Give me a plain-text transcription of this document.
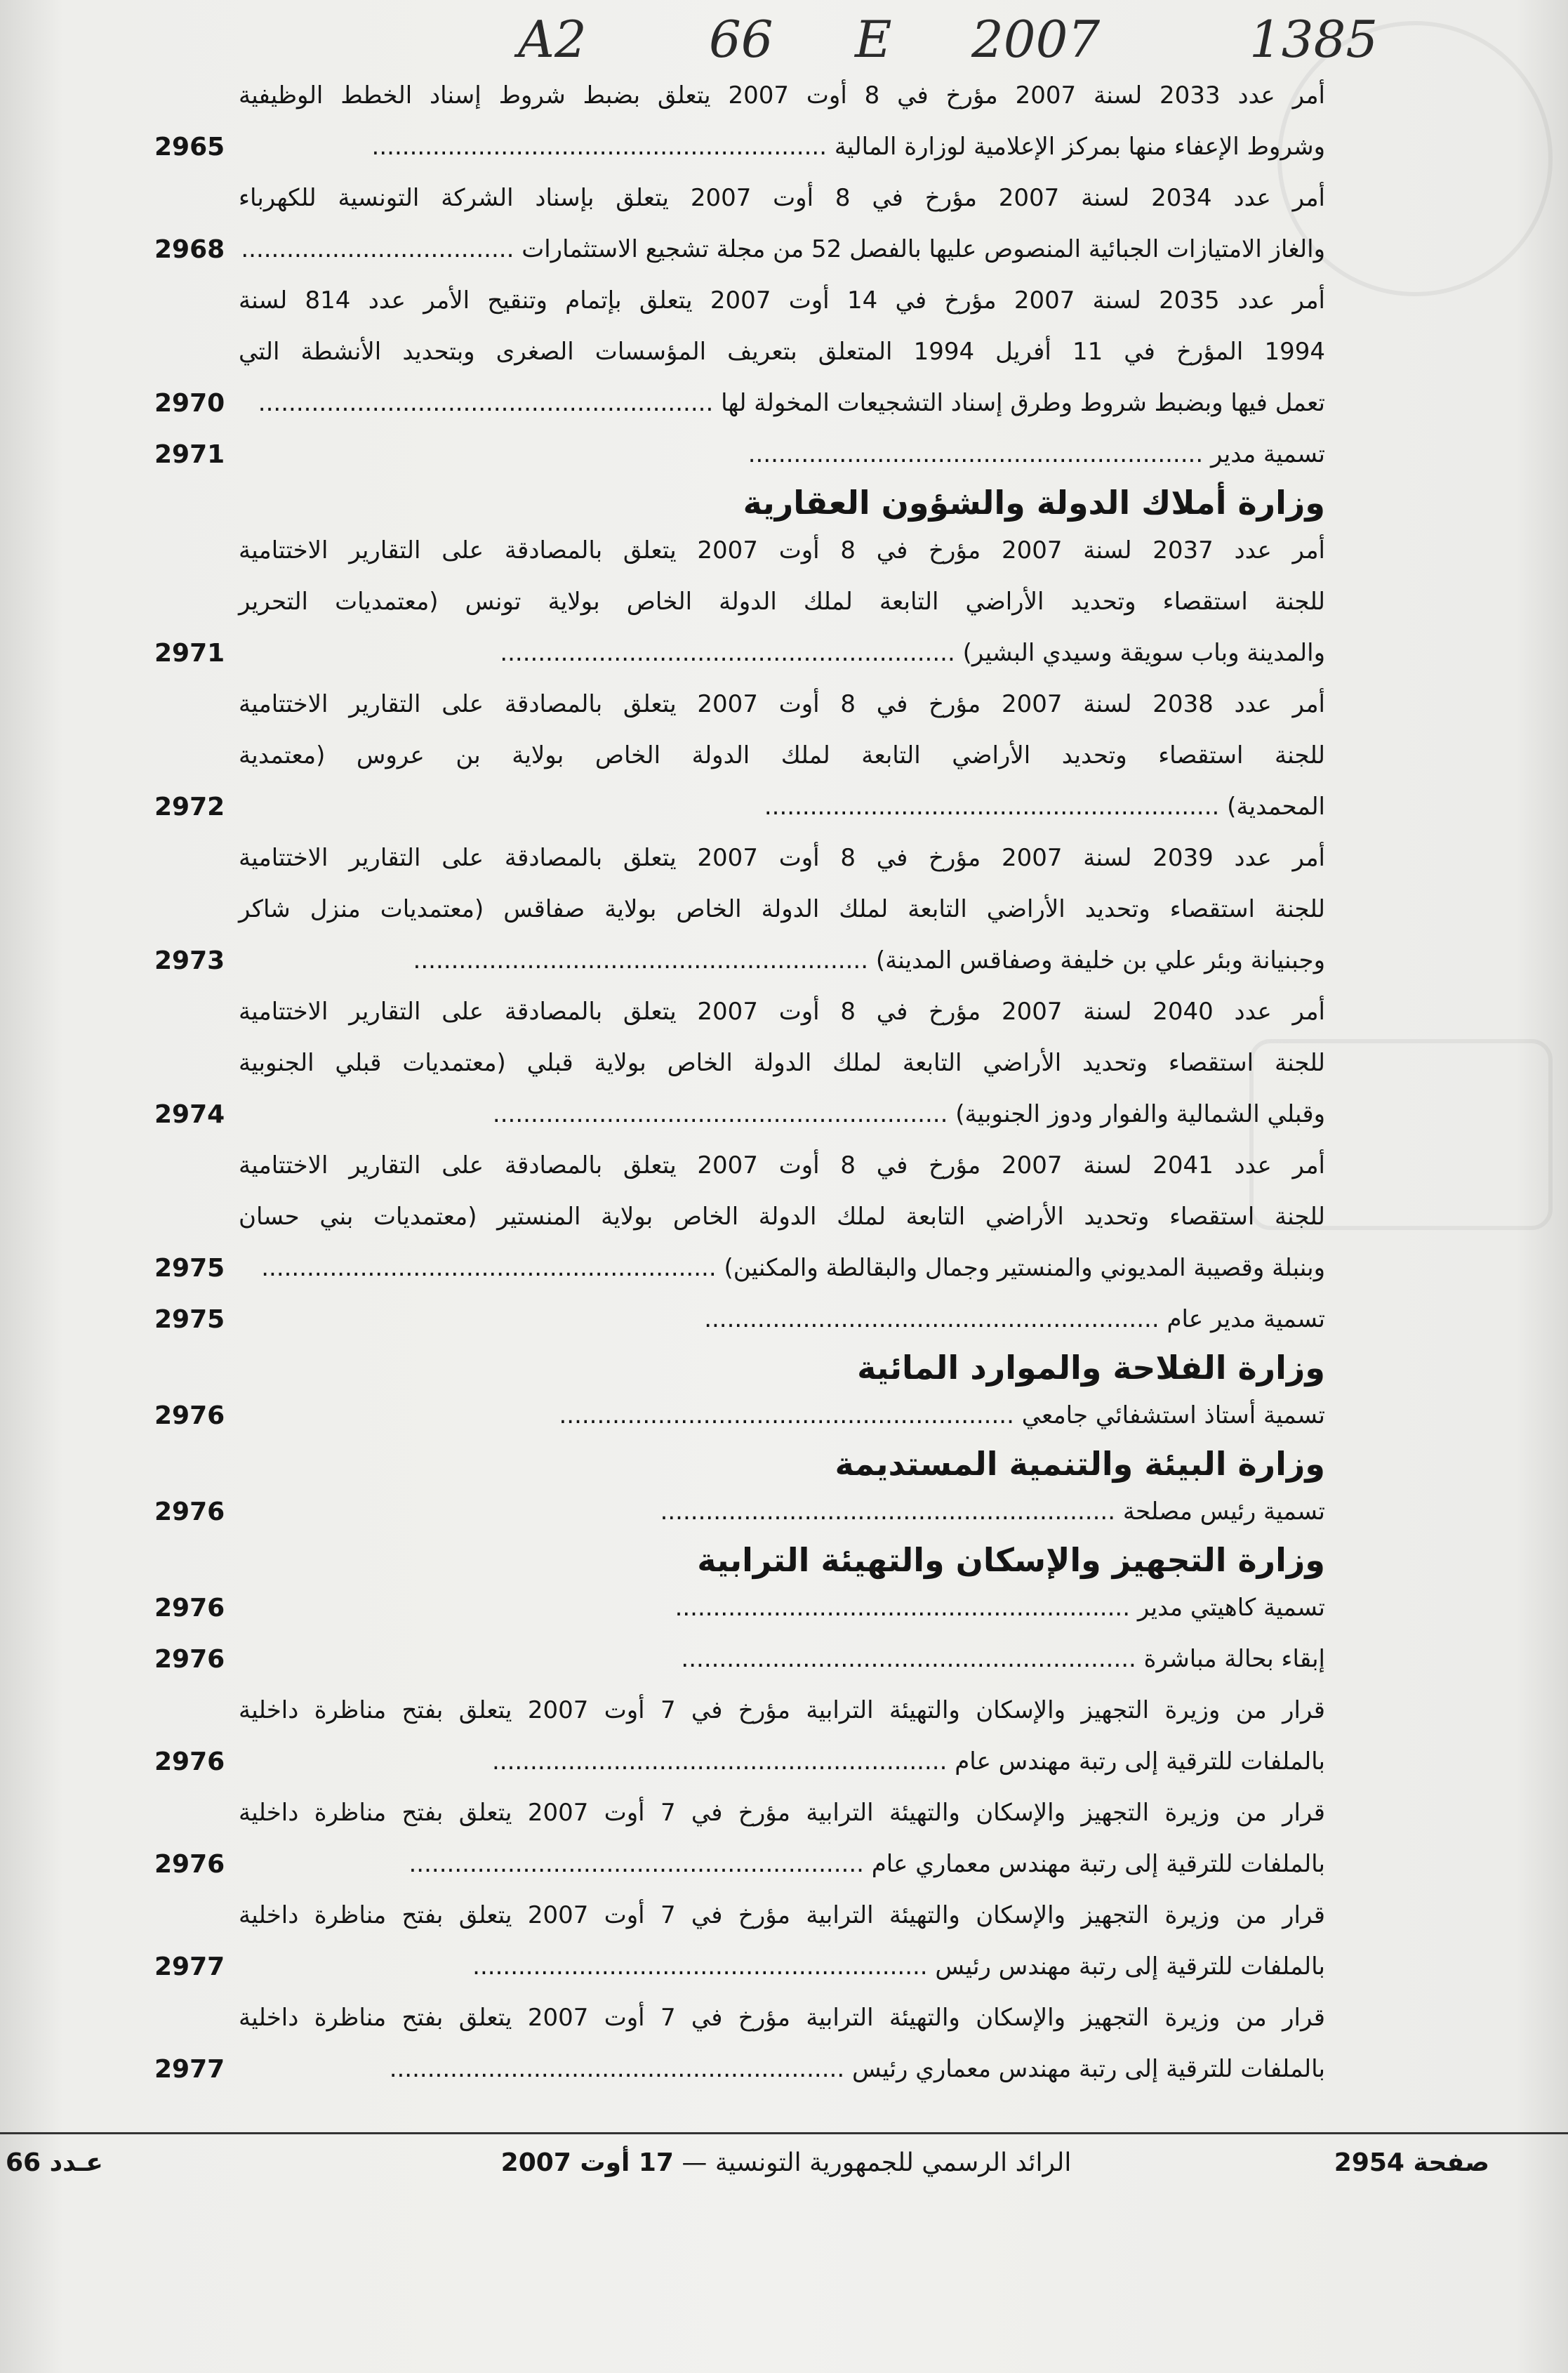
A2 66 E 2007	1385
أمر عدد 2033 لسنة 2007 مؤرخ في 8 أوت 2007 يتعلق بضبط شروط إسناد الخطط الوظيفية
2965	وشروط الإعفاء منها بمركز الإعلامية لوزارة المالية ............................................................
أمر عدد 2034 لسنة 2007 مؤرخ في 8 أوت 2007 يتعلق بإسناد الشركة التونسية للكهرباء
2968	والغاز الامتيازات الجبائية المنصوص عليها بالفصل 52 من مجلة تشجيع الاستثمارات ....................................
أمر عدد 2035 لسنة 2007 مؤرخ في 14 أوت 2007 يتعلق بإتمام وتنقيح الأمر عدد 814 لسنة
1994 المؤرخ في 11 أفريل 1994 المتعلق بتعريف المؤسسات الصغرى وبتحديد الأنشطة التي
2970	تعمل فيها وبضبط شروط وطرق إسناد التشجيعات المخولة لها ............................................................
2971	تسمية مدير ............................................................
وزارة أملاك الدولة والشؤون العقارية
أمر عدد 2037 لسنة 2007 مؤرخ في 8 أوت 2007 يتعلق بالمصادقة على التقارير الاختتامية
للجنة استقصاء وتحديد الأراضي التابعة لملك الدولة الخاص بولاية تونس (معتمديات التحرير
2971	والمدينة وباب سويقة وسيدي البشير) ............................................................
أمر عدد 2038 لسنة 2007 مؤرخ في 8 أوت 2007 يتعلق بالمصادقة على التقارير الاختتامية
للجنة استقصاء وتحديد الأراضي التابعة لملك الدولة الخاص بولاية بن عروس (معتمدية
2972	المحمدية) ............................................................
أمر عدد 2039 لسنة 2007 مؤرخ في 8 أوت 2007 يتعلق بالمصادقة على التقارير الاختتامية
للجنة استقصاء وتحديد الأراضي التابعة لملك الدولة الخاص بولاية صفاقس (معتمديات منزل شاكر
2973	وجبنيانة وبئر علي بن خليفة وصفاقس المدينة) ............................................................
أمر عدد 2040 لسنة 2007 مؤرخ في 8 أوت 2007 يتعلق بالمصادقة على التقارير الاختتامية
للجنة استقصاء وتحديد الأراضي التابعة لملك الدولة الخاص بولاية قبلي (معتمديات قبلي الجنوبية
2974	وقبلي الشمالية والفوار ودوز الجنوبية) ............................................................
أمر عدد 2041 لسنة 2007 مؤرخ في 8 أوت 2007 يتعلق بالمصادقة على التقارير الاختتامية
للجنة استقصاء وتحديد الأراضي التابعة لملك الدولة الخاص بولاية المنستير (معتمديات بني حسان
2975	وبنبلة وقصيبة المديوني والمنستير وجمال والبقالطة والمكنين) ............................................................
2975	تسمية مدير عام ............................................................
وزارة الفلاحة والموارد المائية
2976	تسمية أستاذ استشفائي جامعي ............................................................
وزارة البيئة والتنمية المستديمة
2976	تسمية رئيس مصلحة ............................................................
وزارة التجهيز والإسكان والتهيئة الترابية
2976	تسمية كاهيتي مدير ............................................................
2976	إبقاء بحالة مباشرة ............................................................
قرار من وزيرة التجهيز والإسكان والتهيئة الترابية مؤرخ في 7 أوت 2007 يتعلق بفتح مناظرة داخلية
2976	بالملفات للترقية إلى رتبة مهندس عام ............................................................
قرار من وزيرة التجهيز والإسكان والتهيئة الترابية مؤرخ في 7 أوت 2007 يتعلق بفتح مناظرة داخلية
2976	بالملفات للترقية إلى رتبة مهندس معماري عام ............................................................
قرار من وزيرة التجهيز والإسكان والتهيئة الترابية مؤرخ في 7 أوت 2007 يتعلق بفتح مناظرة داخلية
2977	بالملفات للترقية إلى رتبة مهندس رئيس ............................................................
قرار من وزيرة التجهيز والإسكان والتهيئة الترابية مؤرخ في 7 أوت 2007 يتعلق بفتح مناظرة داخلية
2977	بالملفات للترقية إلى رتبة مهندس معماري رئيس ............................................................
صفحة 2954
الرائد الرسمي للجمهورية التونسية — 17 أوت 2007
عـدد 66
